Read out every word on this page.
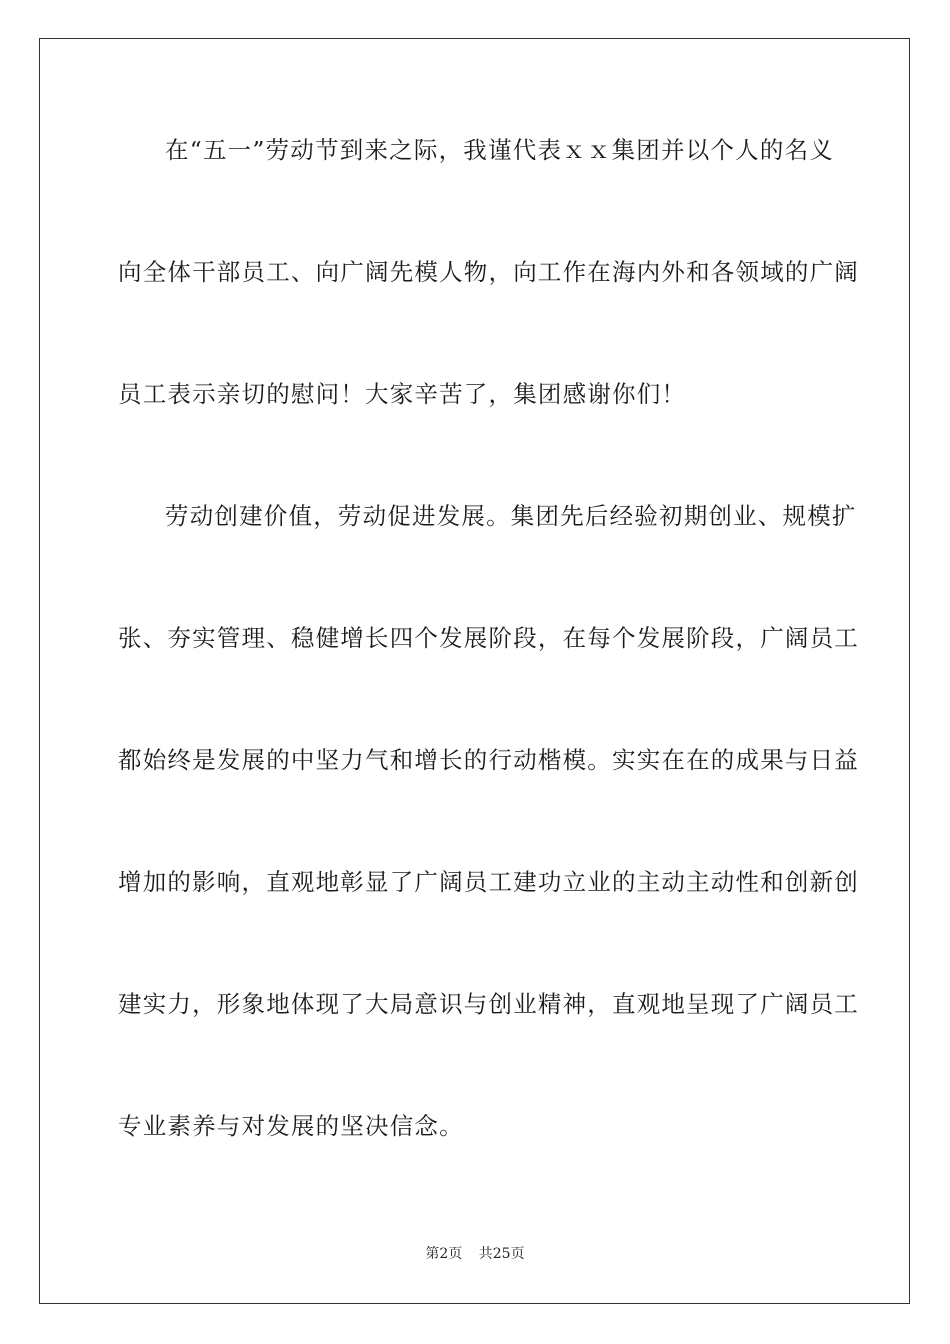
在“五一”劳动节到来之际，我谨代表ｘｘ集团并以个人的名义
向全体干部员工、向广阔先模人物，向工作在海内外和各领域的广阔
员工表示亲切的慰问！大家辛苦了，集团感谢你们！
劳动创建价值，劳动促进发展。集团先后经验初期创业、规模扩
张、夯实管理、稳健增长四个发展阶段，在每个发展阶段，广阔员工
都始终是发展的中坚力气和增长的行动楷模。实实在在的成果与日益
增加的影响，直观地彰显了广阔员工建功立业的主动主动性和创新创
建实力，形象地体现了大局意识与创业精神，直观地呈现了广阔员工
专业素养与对发展的坚决信念。
第2页 共25页
